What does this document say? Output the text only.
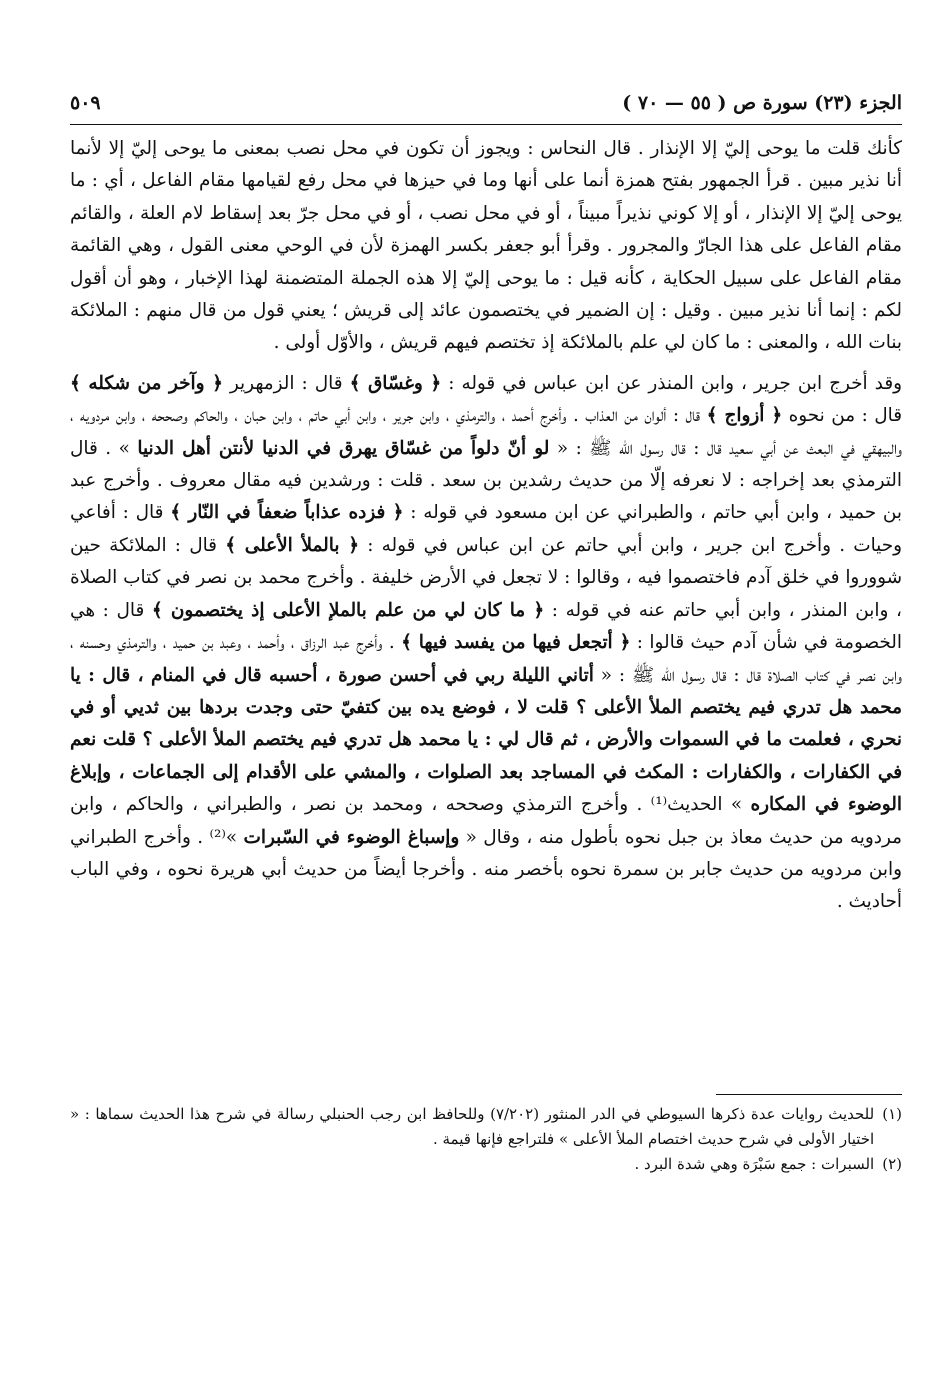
الجزء (٢٣) سورة ص ( ٥٥ — ٧٠ )
٥٠٩

كأنك قلت ما يوحى إليّ إلا الإنذار . قال النحاس : ويجوز أن تكون في محل نصب بمعنى ما يوحى إليّ إلا لأنما أنا نذير مبين . قرأ الجمهور بفتح همزة أنما على أنها وما في حيزها في محل رفع لقيامها مقام الفاعل ، أي : ما يوحى إليّ إلا الإنذار ، أو إلا كوني نذيراً مبيناً ، أو في محل نصب ، أو في محل جرّ بعد إسقاط لام العلة ، والقائم مقام الفاعل على هذا الجارّ والمجرور . وقرأ أبو جعفر بكسر الهمزة لأن في الوحي معنى القول ، وهي القائمة مقام الفاعل على سبيل الحكاية ، كأنه قيل : ما يوحى إليّ إلا هذه الجملة المتضمنة لهذا الإخبار ، وهو أن أقول لكم : إنما أنا نذير مبين . وقيل : إن الضمير في يختصمون عائد إلى قريش ؛ يعني قول من قال منهم : الملائكة بنات الله ، والمعنى : ما كان لي علم بالملائكة إذ تختصم فيهم قريش ، والأوّل أولى .

وقد أخرج ابن جرير ، وابن المنذر عن ابن عباس في قوله : ﴿ وغسّاق ﴾ قال : الزمهرير ﴿ وآخر من شكله ﴾ قال : من نحوه ﴿ أزواج ﴾ قال : ألوان من العذاب . وأخرج أحمد ، والترمذي ، وابن جرير ، وابن أبي حاتم ، وابن حبان ، والحاكم وصححه ، وابن مردويه ، والبيهقي في البعث عن أبي سعيد قال : قال رسول الله ﷺ : « لو أنّ دلواً من غسّاق يهرق في الدنيا لأنتن أهل الدنيا » . قال الترمذي بعد إخراجه : لا نعرفه إلّا من حديث رشدين بن سعد . قلت : ورشدين فيه مقال معروف . وأخرج عبد بن حميد ، وابن أبي حاتم ، والطبراني عن ابن مسعود في قوله : ﴿ فزده عذاباً ضعفاً في النّار ﴾ قال : أفاعي وحيات . وأخرج ابن جرير ، وابن أبي حاتم عن ابن عباس في قوله : ﴿ بالملأ الأعلى ﴾ قال : الملائكة حين شووروا في خلق آدم فاختصموا فيه ، وقالوا : لا تجعل في الأرض خليفة . وأخرج محمد بن نصر في كتاب الصلاة ، وابن المنذر ، وابن أبي حاتم عنه في قوله : ﴿ ما كان لي من علم بالملإ الأعلى إذ يختصمون ﴾ قال : هي الخصومة في شأن آدم حيث قالوا : ﴿ أتجعل فيها من يفسد فيها ﴾ . وأخرج عبد الرزاق ، وأحمد ، وعبد بن حميد ، والترمذي وحسنه ، وابن نصر في كتاب الصلاة قال : قال رسول الله ﷺ : « أتاني الليلة ربي في أحسن صورة ، أحسبه قال في المنام ، قال : يا محمد هل تدري فيم يختصم الملأ الأعلى ؟ قلت لا ، فوضع يده بين كتفيّ حتى وجدت بردها بين ثديي أو في نحري ، فعلمت ما في السموات والأرض ، ثم قال لي : يا محمد هل تدري فيم يختصم الملأ الأعلى ؟ قلت نعم في الكفارات ، والكفارات : المكث في المساجد بعد الصلوات ، والمشي على الأقدام إلى الجماعات ، وإبلاغ الوضوء في المكاره » الحديث⁽¹⁾ . وأخرج الترمذي وصححه ، ومحمد بن نصر ، والطبراني ، والحاكم ، وابن مردويه من حديث معاذ بن جبل نحوه بأطول منه ، وقال « وإسباغ الوضوء في السّبرات »⁽²⁾ . وأخرج الطبراني وابن مردويه من حديث جابر بن سمرة نحوه بأخصر منه . وأخرجا أيضاً من حديث أبي هريرة نحوه ، وفي الباب أحاديث .

(١)
للحديث روايات عدة ذكرها السيوطي في الدر المنثور (٧/٢٠٢) وللحافظ ابن رجب الحنبلي رسالة في شرح هذا الحديث سماها : « اختيار الأولى في شرح حديث اختصام الملأ الأعلى » فلتراجع فإنها قيمة .
(٢)
السبرات : جمع سَبْرَة وهي شدة البرد .
